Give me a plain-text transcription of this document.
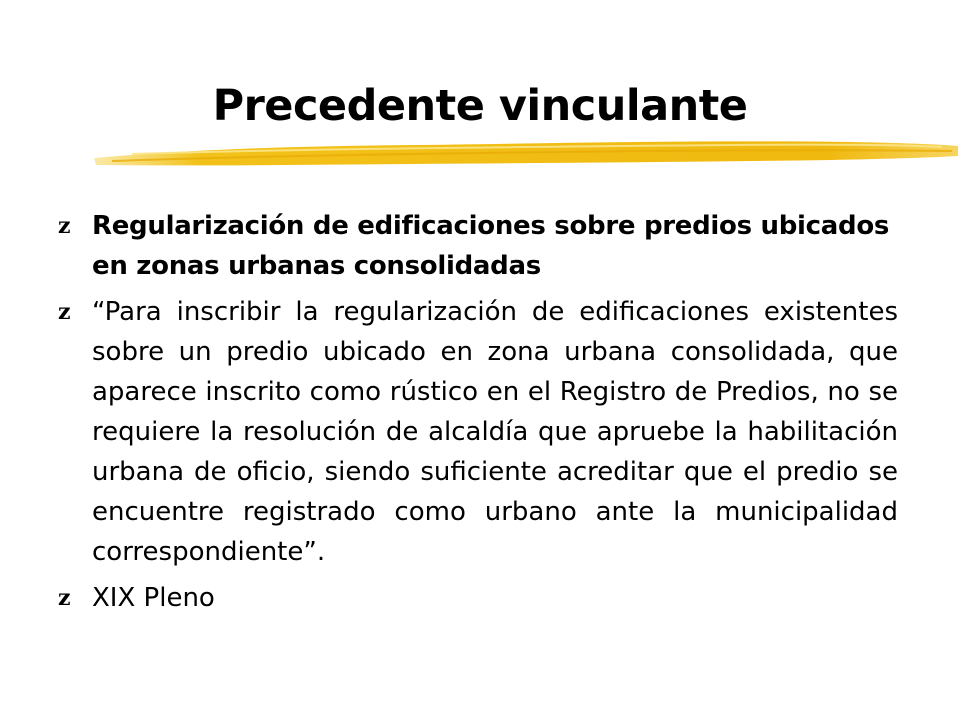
Precedente vinculante
z Regularización de edificaciones sobre predios ubicados en zonas urbanas consolidadas
z “Para inscribir la regularización de edificaciones existentes sobre un predio ubicado en zona urbana consolidada, que aparece inscrito como rústico en el Registro de Predios, no se requiere la resolución de alcaldía que apruebe la habilitación urbana de oficio, siendo suficiente acreditar que el predio se encuentre registrado como urbano ante la municipalidad correspondiente”.
z XIX Pleno
